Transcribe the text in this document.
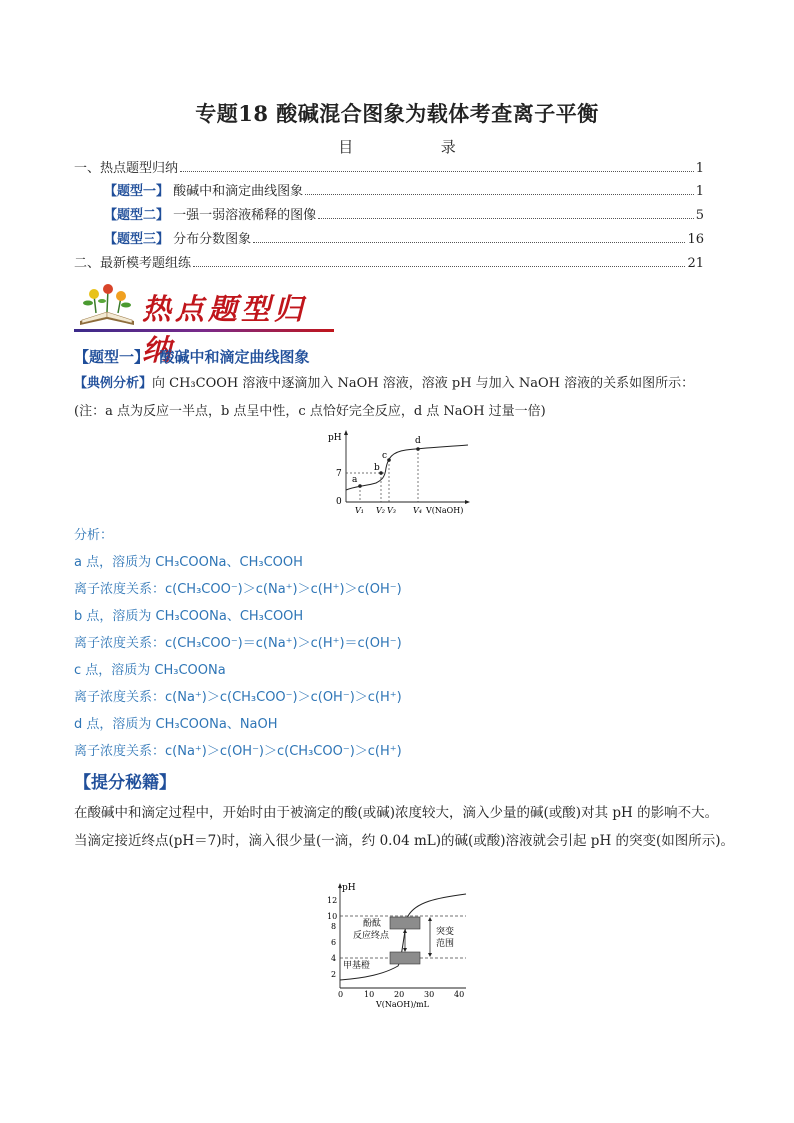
专题18 酸碱混合图象为载体考查离子平衡
目	录
一、热点题型归纳	1
【题型一】 酸碱中和滴定曲线图象	1
【题型二】 一强一弱溶液稀释的图像	5
【题型三】 分布分数图象	16
二、最新模考题组练	21
热点题型归纳
【题型一】 酸碱中和滴定曲线图象
【典例分析】向 CH₃COOH 溶液中逐滴加入 NaOH 溶液，溶液 pH 与加入 NaOH 溶液的关系如图所示：
(注：a 点为反应一半点，b 点呈中性，c 点恰好完全反应，d 点 NaOH 过量一倍)
pH
7
0
a
b
c
d
V₁ V₂ V₃ V₄ V(NaOH)
分析：
a 点，溶质为 CH₃COONa、CH₃COOH
离子浓度关系：c(CH₃COO⁻)＞c(Na⁺)＞c(H⁺)＞c(OH⁻)
b 点，溶质为 CH₃COONa、CH₃COOH
离子浓度关系：c(CH₃COO⁻)＝c(Na⁺)＞c(H⁺)＝c(OH⁻)
c 点，溶质为 CH₃COONa
离子浓度关系：c(Na⁺)＞c(CH₃COO⁻)＞c(OH⁻)＞c(H⁺)
d 点，溶质为 CH₃COONa、NaOH
离子浓度关系：c(Na⁺)＞c(OH⁻)＞c(CH₃COO⁻)＞c(H⁺)
【提分秘籍】
在酸碱中和滴定过程中，开始时由于被滴定的酸(或碱)浓度较大，滴入少量的碱(或酸)对其 pH 的影响不大。
当滴定接近终点(pH＝7)时，滴入很少量(一滴，约 0.04 mL)的碱(或酸)溶液就会引起 pH 的突变(如图所示)。
pH
2
4
6
8
10
12
酚酞
反应终点
甲基橙
突变
范围
0	10 20 30 40
V(NaOH)/mL
